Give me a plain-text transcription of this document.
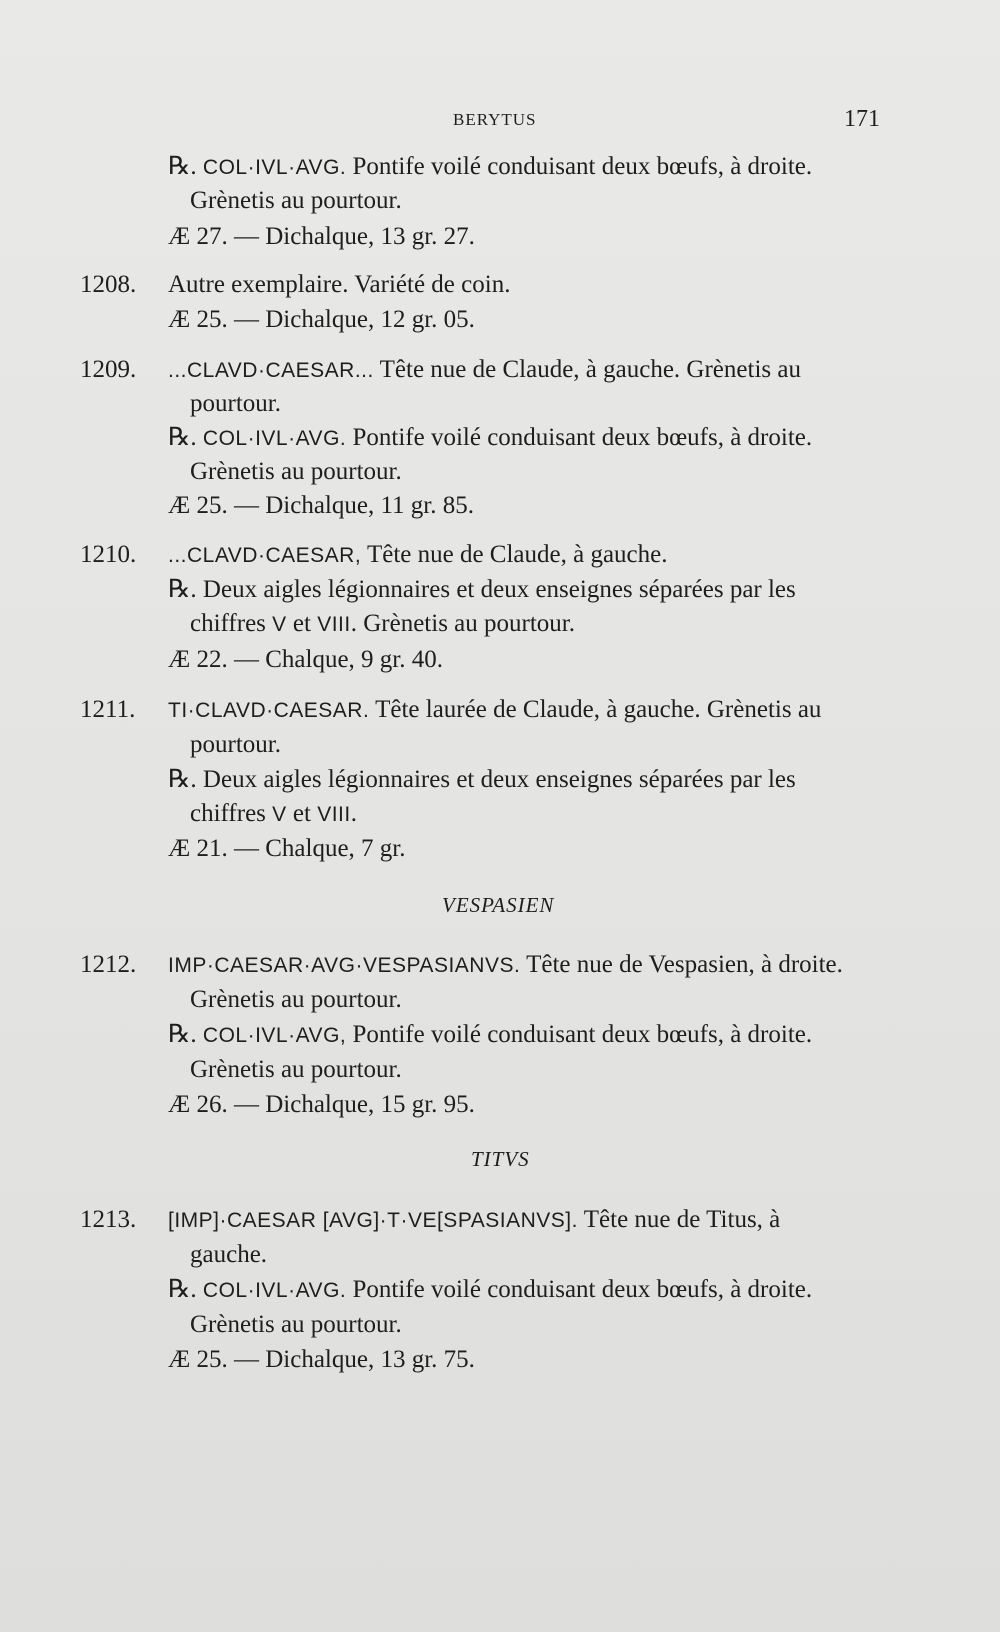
BERYTUS	171
℞. COL·IVL·AVG. Pontife voilé conduisant deux bœufs, à droite.
Grènetis au pourtour.
Æ 27. — Dichalque, 13 gr. 27.
1208. Autre exemplaire. Variété de coin.
Æ 25. — Dichalque, 12 gr. 05.
1209. ...CLAVD·CAESAR... Tête nue de Claude, à gauche. Grènetis au
pourtour.
℞. COL·IVL·AVG. Pontife voilé conduisant deux bœufs, à droite.
Grènetis au pourtour.
Æ 25. — Dichalque, 11 gr. 85.
1210. ...CLAVD·CAESAR, Tête nue de Claude, à gauche.
℞. Deux aigles légionnaires et deux enseignes séparées par les
chiffres V et VIII. Grènetis au pourtour.
Æ 22. — Chalque, 9 gr. 40.
1211. TI·CLAVD·CAESAR. Tête laurée de Claude, à gauche. Grènetis au
pourtour.
℞. Deux aigles légionnaires et deux enseignes séparées par les
chiffres V et VIII.
Æ 21. — Chalque, 7 gr.
VESPASIEN
1212. IMP·CAESAR·AVG·VESPASIANVS. Tête nue de Vespasien, à droite.
Grènetis au pourtour.
℞. COL·IVL·AVG, Pontife voilé conduisant deux bœufs, à droite.
Grènetis au pourtour.
Æ 26. — Dichalque, 15 gr. 95.
TITVS
1213. [IMP]·CAESAR [AVG]·T·VE[SPASIANVS]. Tête nue de Titus, à
gauche.
℞. COL·IVL·AVG. Pontife voilé conduisant deux bœufs, à droite.
Grènetis au pourtour.
Æ 25. — Dichalque, 13 gr. 75.
